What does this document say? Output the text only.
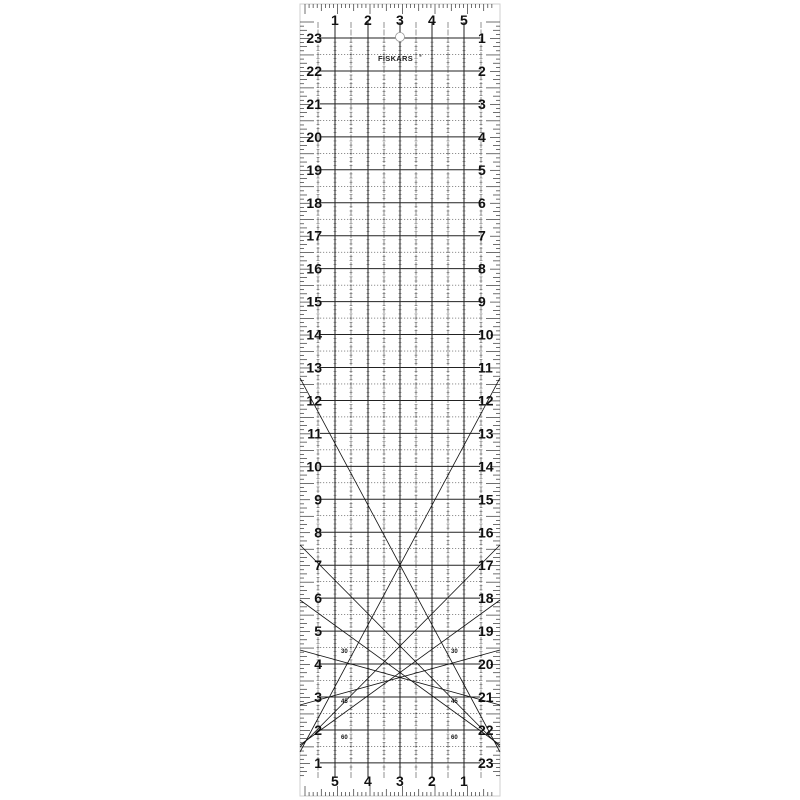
1 2 3 4 5
5 4 3 2 1
23
22
21
20
19
18
17
16
15
14
13
12
11
10
9
8
7
6
5
4
3
2
1
1
2
3
4
5
6
7
8
9
10
11
12
13
14
15
16
17
18
19
20
21
22
23
30
45
60
30
45
60
FISKARS ®
